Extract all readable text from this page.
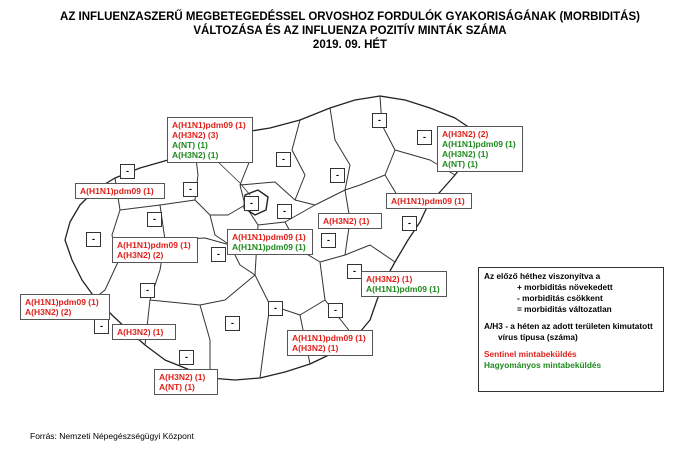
AZ INFLUENZASZERŰ MEGBETEGEDÉSSEL ORVOSHOZ FORDULÓK GYAKORISÁGÁNAK (MORBIDITÁS)
VÁLTOZÁSA ÉS AZ INFLUENZA POZITÍV MINTÁK SZÁMA
2019. 09. HÉT
-
-
-
-
-
-
-
-
-
-
-
-
-
-
-
-	-
-
-
-
A(H1N1)pdm09 (1)
A(H3N2) (3)
A(NT) (1)
A(H3N2) (1)
A(H3N2) (2)
A(H1N1)pdm09 (1)
A(H3N2) (1)
A(NT) (1)
A(H1N1)pdm09 (1)
A(H1N1)pdm09 (1)
A(H3N2) (1)
A(H1N1)pdm09 (1)
A(H1N1)pdm09 (1)
A(H1N1)pdm09 (1)
A(H3N2) (2)
A(H3N2) (1)
A(H1N1)pdm09 (1)
A(H1N1)pdm09 (1)
A(H3N2) (2)
A(H3N2) (1)
A(H1N1)pdm09 (1)
A(H3N2) (1)
A(H3N2) (1)
A(NT) (1)
Az előző héthez viszonyítva a
+ morbiditás növekedett
- morbiditás csökkent
= morbiditás változatlan
A/H3 - a héten az adott területen kimutatott
vírus típusa (száma)
Sentinel mintabeküldés
Hagyományos mintabeküldés
Forrás: Nemzeti Népegészségügyi Központ
